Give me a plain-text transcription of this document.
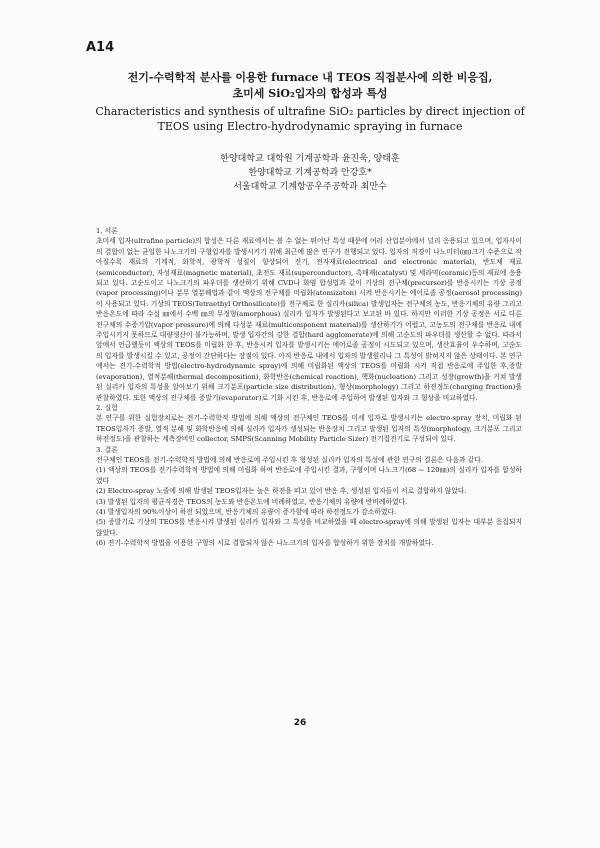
A14
전기-수력학적 분사를 이용한 furnace 내 TEOS 직접분사에 의한 비응집,
초미세 SiO₂입자의 합성과 특성
Characteristics and synthesis of ultrafine SiO₂ particles by direct injection of
TEOS using Electro-hydrodynamic spraying in furnace
한양대학교 대학원 기계공학과 윤진욱, 양태훈
한양대학교 기계공학과 안강호*
서울대학교 기계항공우주공학과 최만수

1. 서론

초미세 입자(ultrafine particle)의 합성은 다른 재료에서는 볼 수 없는 뛰어난 특성 때문에 여러 산업분야에서 널리 응용되고 있으며, 입자사이의 결합이 없는 균일한 나노크기의 구형입자를 발생시키기 위해 최근에 많은 연구가 진행되고 있다. 입자의 직경이 나노미터(㎚)크기 수준으로 작아질수록 재료의 기계적, 화학적, 광학적 성질이 향상되어 전기, 전자재료(electrical and electronic material), 반도체 재료(semiconductor), 자성재료(magnetic material), 초전도 재료(superconductor), 촉매재(catalyst) 및 세라믹(ceramic)등의 재료에 응용되고 있다. 고순도이고 나노크기의 파우더를 생산하기 위해 CVD나 화염 합성법과 같이 기상의 전구체(precursor)를 반응시키는 기상 공정(vapor processing)이나 분무 열분해법과 같이 액상의 전구체를 미립화(atomizaton) 시켜 반응시키는 에어로졸 공정(aerosol processing)이 사용되고 있다. 기상의 TEOS(Tetraethyl Orthosilicate)를 전구체로 한 실리카(silica) 발생입자는 전구체의 농도, 반응기체의 유량 그리고 반응온도에 따라 수십 ㎚에서 수백 ㎚의 무정형(amorphous) 실리카 입자가 발생된다고 보고된 바 있다. 하지만 이러한 기상 공정은 서로 다른 전구체의 수증기압(vapor pressure)에 의해 다성분 재료(multicomponent material)를 생산하기가 어렵고, 고농도의 전구체를 반응로 내에 주입시키지 못하므로 대량생산이 불가능하며, 발생 입자간의 강한 결합(hard agglomerate)에 의해 고순도의 파우더를 생산할 수 없다. 따라서 앞에서 언급했듯이 액상의 TEOS를 미립화 한 후, 반응시켜 입자를 발생시키는 에어로졸 공정이 시도되고 있으며, 생산효율이 우수하며, 고순도의 입자를 발생시킬 수 있고, 공정이 간단하다는 장점이 있다. 아직 반응로 내에서 입자의 발생원리나 그 특성이 밝혀지지 않은 상태이다. 본 연구에서는 전기-수력학적 방법(electro-hydrodynamic spray)에 의해 미립화된 액상의 TEOS를 미립화 시켜 직접 반응로에 주입한 후,증발(evaporation), 열적분해(thermal decomposition), 화학반응(chemical reaction), 핵화(nucleation) 그리고 성장(growth)을 거쳐 발생된 실리카 입자의 특성을 알아보기 위해 크기분포(particle size distribution), 형상(morphology) 그리고 하전정도(charging fraction)을 관찰하였다. 또한 액상의 전구체를 증발기(evaporator)로 기화 시킨 후, 반응로에 주입하여 발생된 입자와 그 형상을 비교하였다.

2. 실험

본 연구를 위한 실험장치로는 전기-수력학적 방법에 의해 액상의 전구체인 TEOS를 미세 입자로 발생시키는 electro-spray 장치, 미립화 된 TEOS입자가 증발, 열적 분해 및 화학반응에 의해 실리카 입자가 생성되는 반응장치 그리고 발생된 입자의 특성(morphology, 크기분포 그리고 하전정도)을 관찰하는 계측장비인 collector, SMPS(Scanning Mobility Particle Sizer) 전기집진기로 구성되어 있다.

3. 결론

전구체인 TEOS를 전기-수력학적 방법에 의해 반응로에 주입시킨 후 형성된 실리카 입자의 특성에 관한 연구의 결론은 다음과 같다.

(1) 액상의 TEOS를 전기수력학적 방법에 의해 미립화 하여 반응로에 주입시킨 결과, 구형이며 나노크기(68 ~ 120㎚)의 실리카 입자를 합성하였다

(2) Electro-spray 노즐에 의해 발생된 TEOS입자는 높은 하전을 띠고 있어 반응 후, 생성된 입자들이 서로 결합하지 않았다.

(3) 발생된 입자의 평균직경은 TEOS의 농도와 반응온도에 비례하였고, 반응기체의 유량에 반비례하였다.

(4) 발생입자의 90%이상이 하전 되었으며, 반응기체의 유량이 증가함에 따라 하전정도가 감소하였다.

(5) 증발기로 기상의 TEOS를 반응시켜 발생된 실리카 입자와 그 특성을 비교하였을 때 electro-spray에 의해 발생된 입자는 대부분 응집되지 않았다.

(6) 전기-수력학적 방법을 이용한 구형의 서로 결합되지 않은 나노크기의 입자를 합성하기 위한 장치를 개발하였다.

26
